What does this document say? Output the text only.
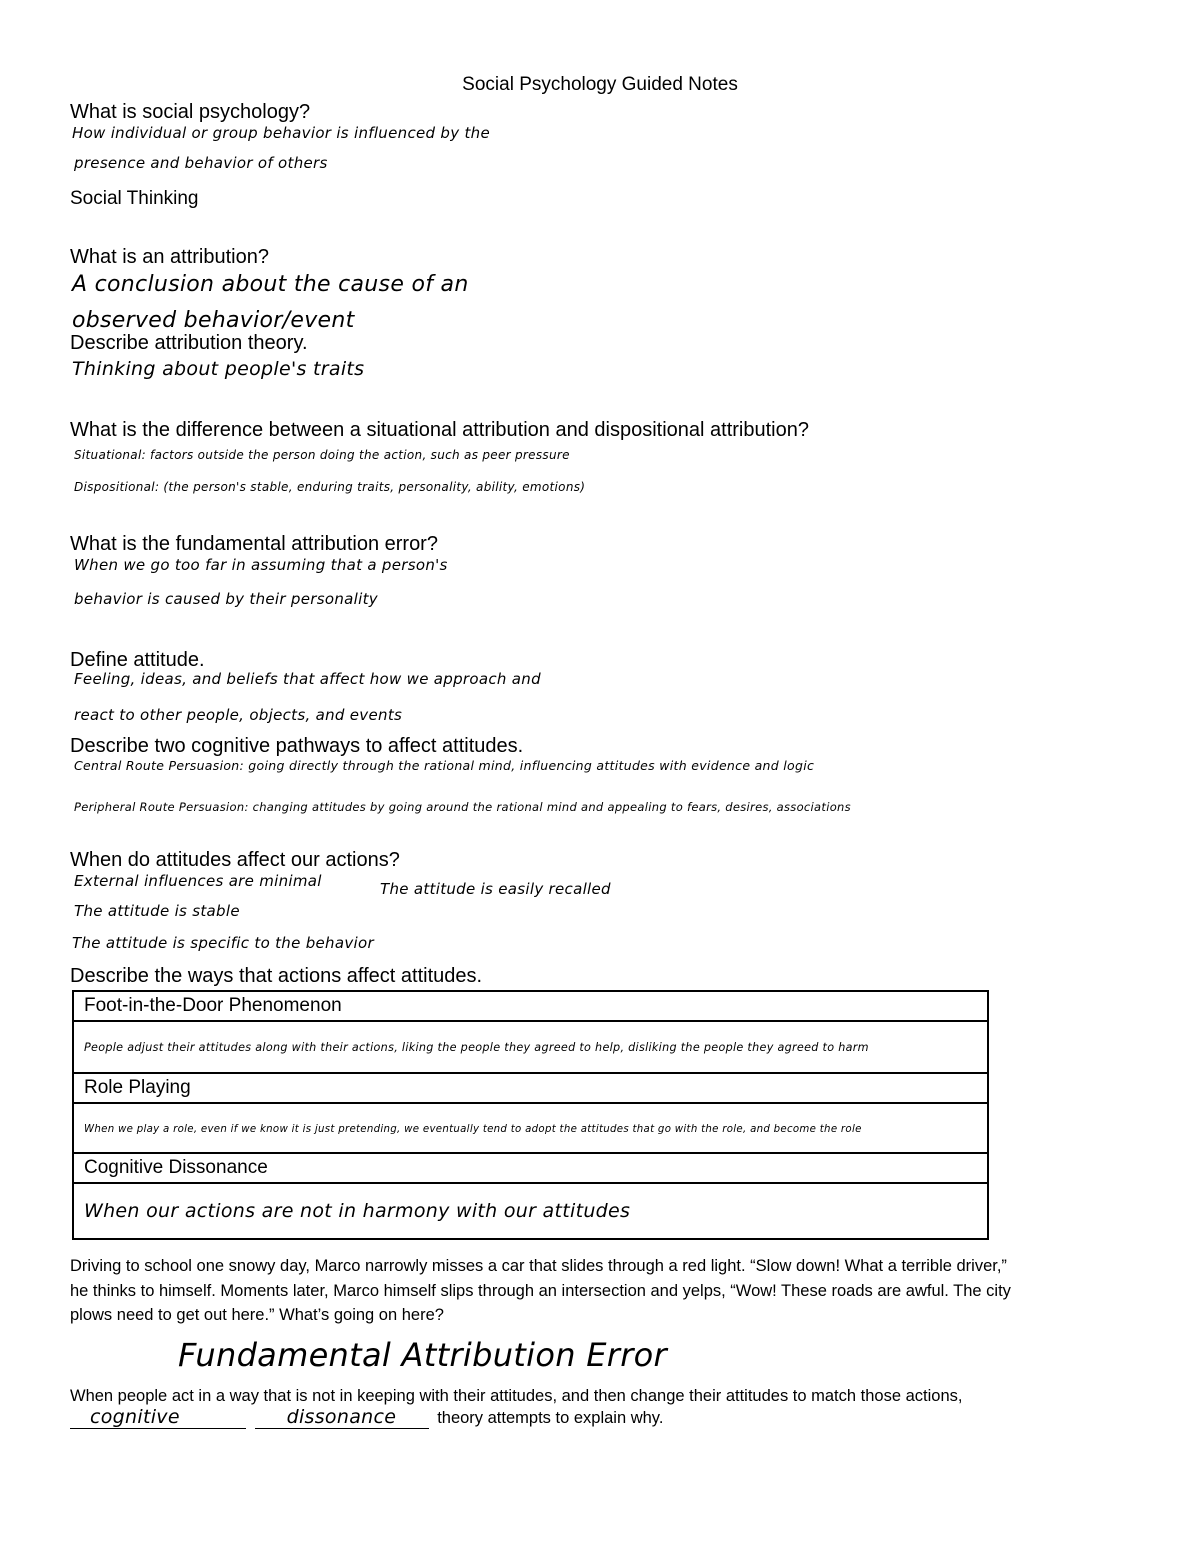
Social Psychology Guided Notes
What is social psychology?
How individual or group behavior is influenced by the
presence and behavior of others
Social Thinking
What is an attribution?
A conclusion about the cause of an
observed behavior/event
Describe attribution theory.
Thinking about people's traits
What is the difference between a situational attribution and dispositional attribution?
Situational: factors outside the person doing the action, such as peer pressure
Dispositional: (the person's stable, enduring traits, personality, ability, emotions)
What is the fundamental attribution error?
When we go too far in assuming that a person's
behavior is caused by their personality
Define attitude.
Feeling, ideas, and beliefs that affect how we approach and
react to other people, objects, and events
Describe two cognitive pathways to affect attitudes.
Central Route Persuasion: going directly through the rational mind, influencing attitudes with evidence and logic
Peripheral Route Persuasion: changing attitudes by going around the rational mind and appealing to fears, desires, associations
When do attitudes affect our actions?
External influences are minimal	The attitude is easily recalled
The attitude is stable
The attitude is specific to the behavior
Describe the ways that actions affect attitudes.
Foot-in-the-Door Phenomenon
People adjust their attitudes along with their actions, liking the people they agreed to help, disliking the people they agreed to harm
Role Playing
When we play a role, even if we know it is just pretending, we eventually tend to adopt the attitudes that go with the role, and become the role
Cognitive Dissonance
When our actions are not in harmony with our attitudes
Driving to school one snowy day, Marco narrowly misses a car that slides through a red light. “Slow down! What a terrible driver,”
he thinks to himself. Moments later, Marco himself slips through an intersection and yelps, “Wow! These roads are awful. The city
plows need to get out here.” What’s going on here?
Fundamental Attribution Error
When people act in a way that is not in keeping with their attitudes, and then change their attitudes to match those actions,
cognitive	dissonance theory attempts to explain why.
